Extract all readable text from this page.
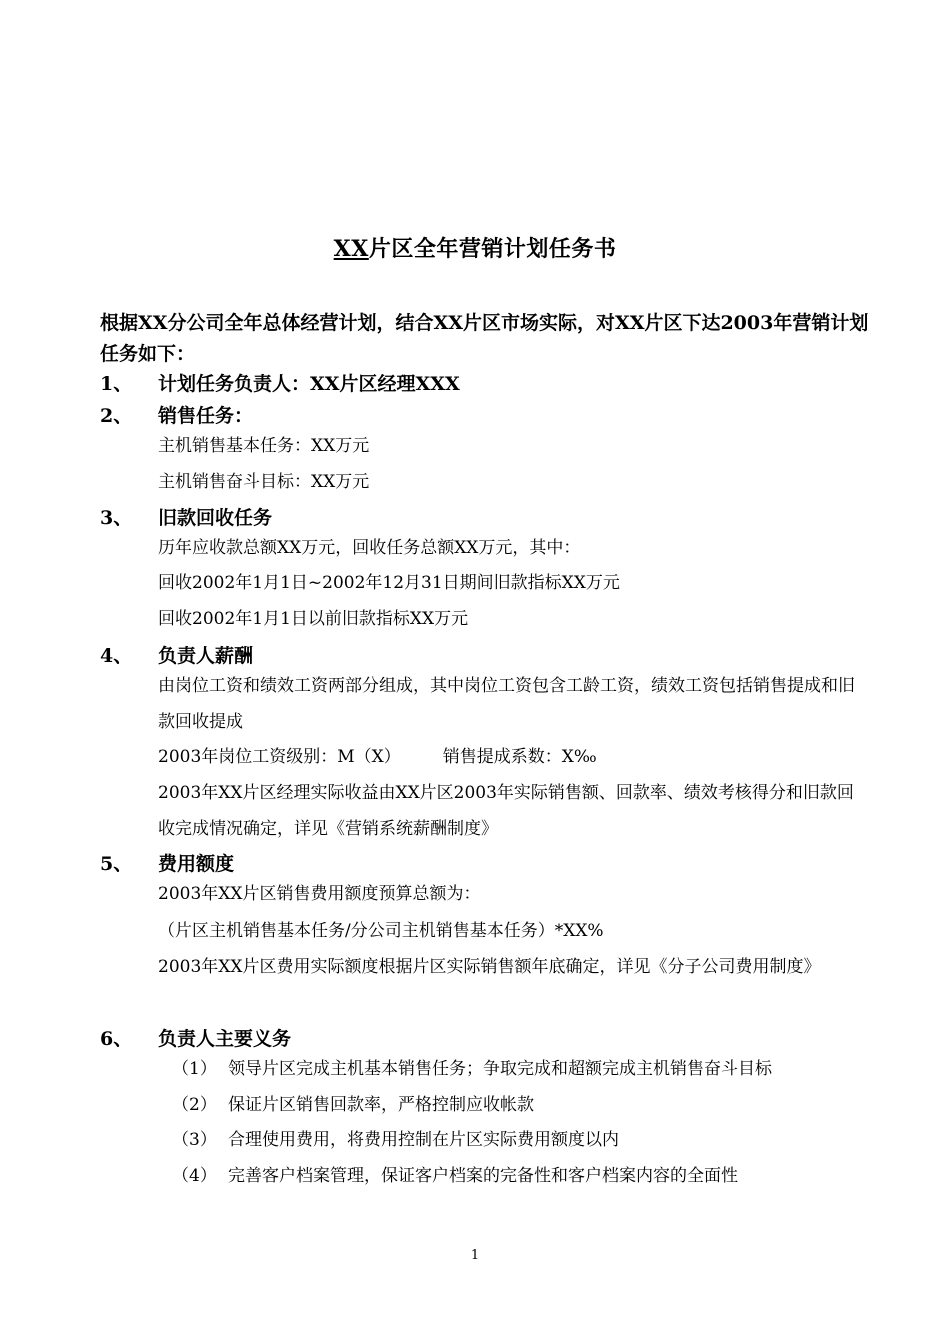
XX片区全年营销计划任务书
根据XX分公司全年总体经营计划，结合XX片区市场实际，对XX片区下达2003年营销计划任务如下：
1、 计划任务负责人：XX片区经理XXX
2、 销售任务：
主机销售基本任务：XX万元
主机销售奋斗目标：XX万元
3、 旧款回收任务
历年应收款总额XX万元，回收任务总额XX万元，其中：
回收2002年1月1日~2002年12月31日期间旧款指标XX万元
回收2002年1月1日以前旧款指标XX万元
4、 负责人薪酬
由岗位工资和绩效工资两部分组成，其中岗位工资包含工龄工资，绩效工资包括销售提成和旧款回收提成
2003年岗位工资级别：M（X） 销售提成系数：X‰
2003年XX片区经理实际收益由XX片区2003年实际销售额、回款率、绩效考核得分和旧款回收完成情况确定，详见《营销系统薪酬制度》
5、 费用额度
2003年XX片区销售费用额度预算总额为：
（片区主机销售基本任务/分公司主机销售基本任务）*XX%
2003年XX片区费用实际额度根据片区实际销售额年底确定，详见《分子公司费用制度》
6、 负责人主要义务
（1） 领导片区完成主机基本销售任务；争取完成和超额完成主机销售奋斗目标
（2） 保证片区销售回款率，严格控制应收帐款
（3） 合理使用费用，将费用控制在片区实际费用额度以内
（4） 完善客户档案管理，保证客户档案的完备性和客户档案内容的全面性
1
